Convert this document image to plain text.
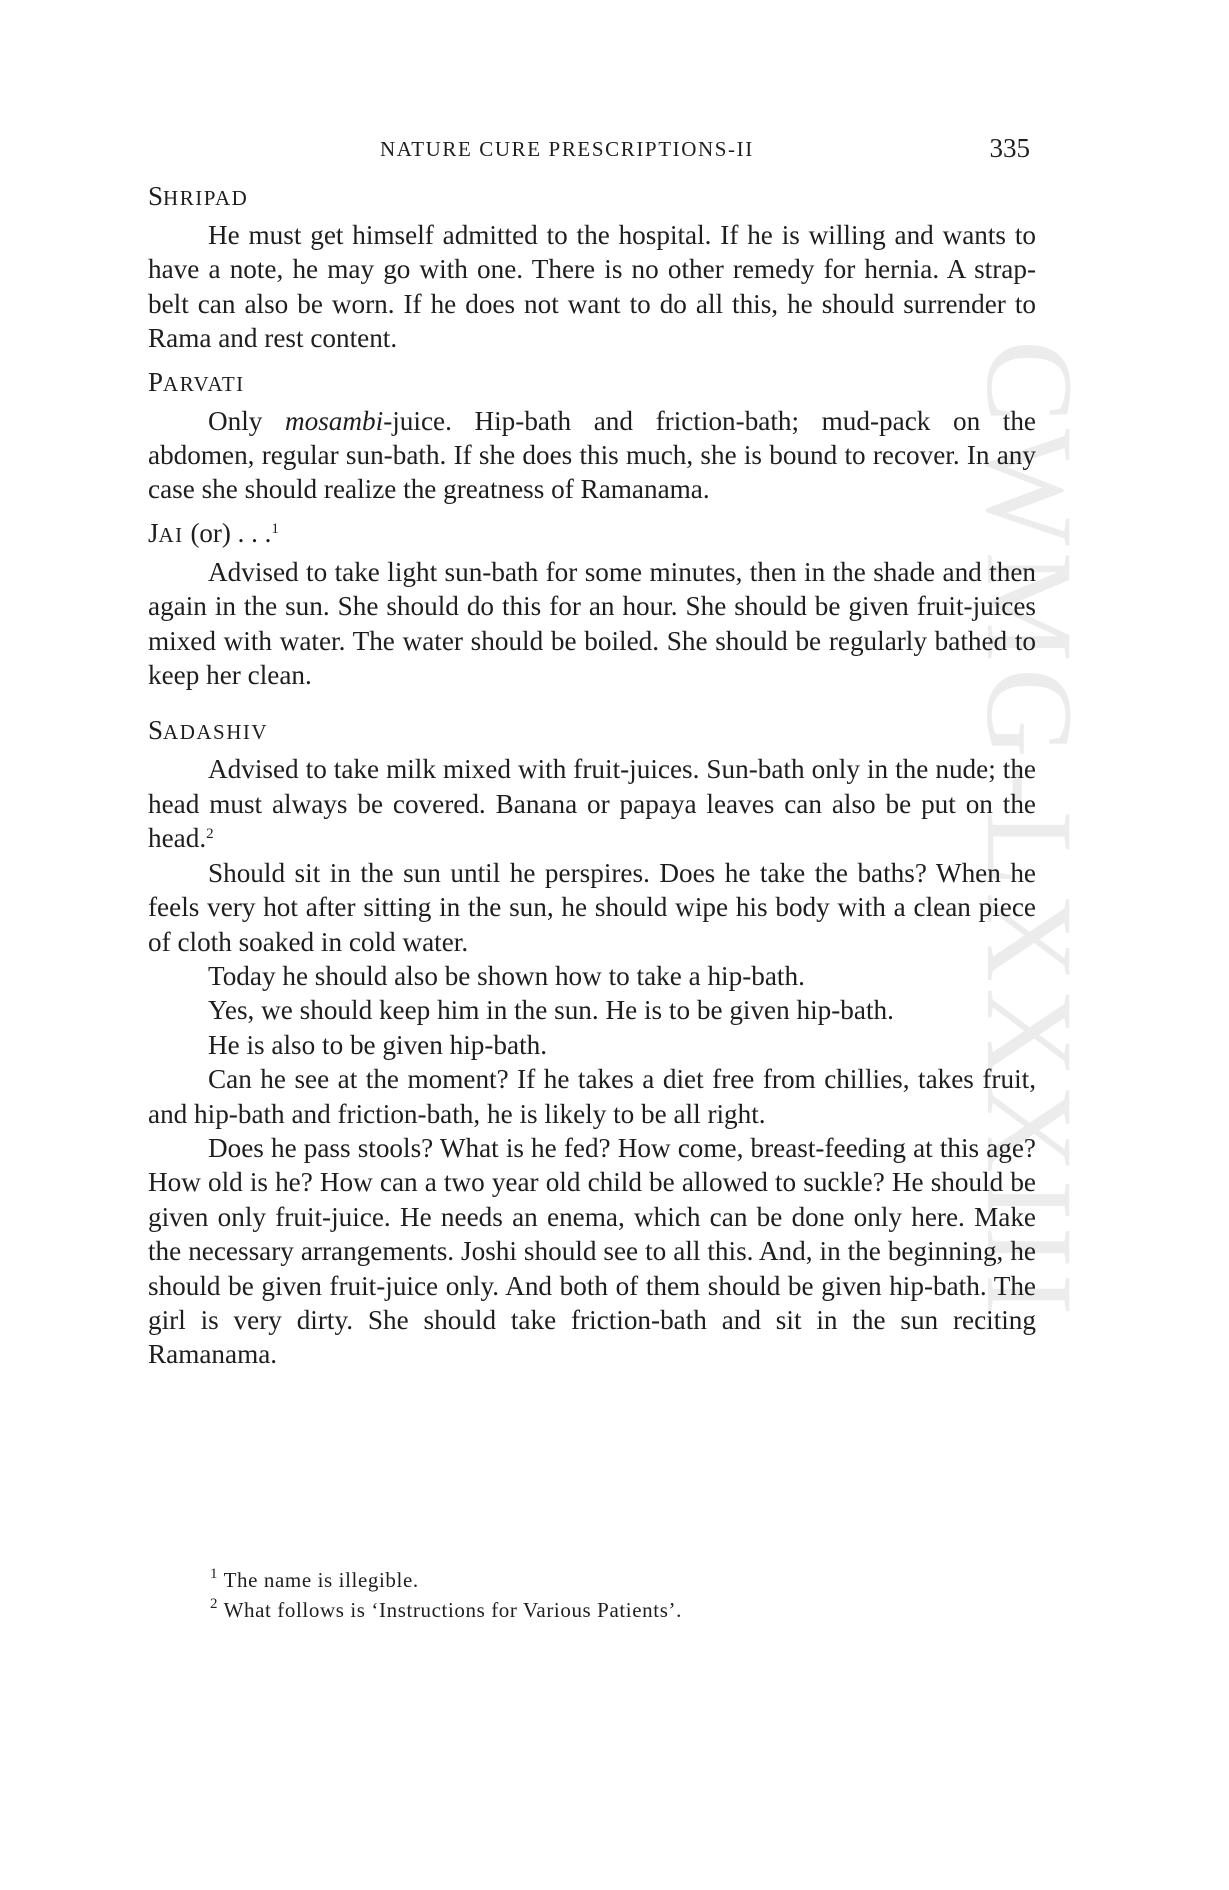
CWMG-LXXXIII
NATURE CURE PRESCRIPTIONS-II	335
SHRIPAD

He must get himself admitted to the hospital. If he is willing and wants to have a note, he may go with one. There is no other remedy for hernia. A strap-belt can also be worn. If he does not want to do all this, he should surrender to Rama and rest content.

PARVATI

Only mosambi-juice. Hip-bath and friction-bath; mud-pack on the abdomen, regular sun-bath. If she does this much, she is bound to recover. In any case she should realize the greatness of Ramanama.

JAI (or) . . .$^1$

Advised to take light sun-bath for some minutes, then in the shade and then again in the sun. She should do this for an hour. She should be given fruit-juices mixed with water. The water should be boiled. She should be regularly bathed to keep her clean.

SADASHIV

Advised to take milk mixed with fruit-juices. Sun-bath only in the nude; the head must always be covered. Banana or papaya leaves can also be put on the head.$^2$

Should sit in the sun until he perspires. Does he take the baths? When he feels very hot after sitting in the sun, he should wipe his body with a clean piece of cloth soaked in cold water.

Today he should also be shown how to take a hip-bath.

Yes, we should keep him in the sun. He is to be given hip-bath.

He is also to be given hip-bath.

Can he see at the moment? If he takes a diet free from chillies, takes fruit, and hip-bath and friction-bath, he is likely to be all right.

Does he pass stools? What is he fed? How come, breast-feeding at this age? How old is he? How can a two year old child be allowed to suckle? He should be given only fruit-juice. He needs an enema, which can be done only here. Make the necessary arrangements. Joshi should see to all this. And, in the beginning, he should be given fruit-juice only. And both of them should be given hip-bath. The girl is very dirty. She should take friction-bath and sit in the sun reciting Ramanama.

$^1$ The name is illegible.
$^2$ What follows is ‘Instructions for Various Patients’.
